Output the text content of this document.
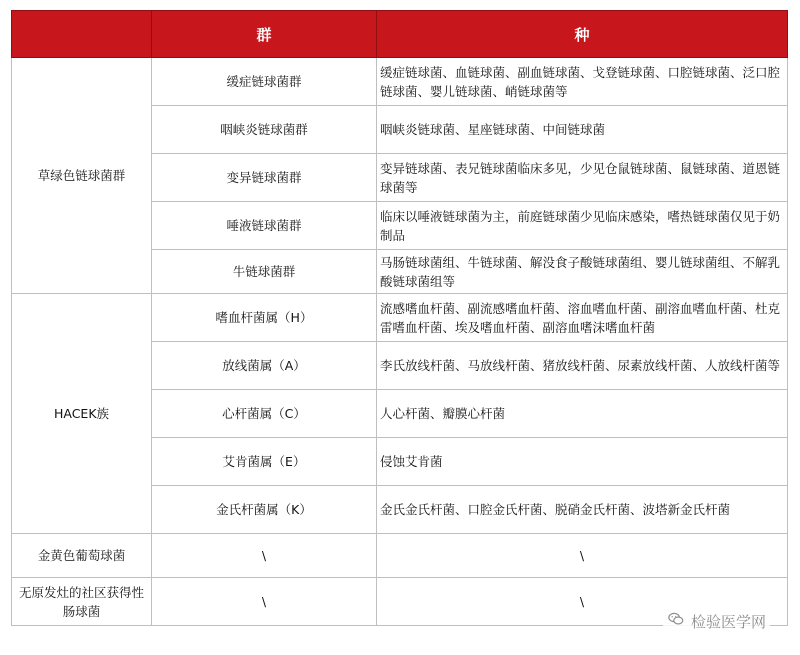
	群	种
草绿色链球菌群	缓症链球菌群	缓症链球菌、血链球菌、副血链球菌、戈登链球菌、口腔链球菌、泛口腔链球菌、婴儿链球菌、峭链球菌等
	咽峡炎链球菌群	咽峡炎链球菌、星座链球菌、中间链球菌
	变异链球菌群	变异链球菌、表兄链球菌临床多见，少见仓鼠链球菌、鼠链球菌、道恩链球菌等
	唾液链球菌群	临床以唾液链球菌为主，前庭链球菌少见临床感染，嗜热链球菌仅见于奶制品
	牛链球菌群	马肠链球菌组、牛链球菌、解没食子酸链球菌组、婴儿链球菌组、不解乳酸链球菌组等
HACEK族	嗜血杆菌属（H）	流感嗜血杆菌、副流感嗜血杆菌、溶血嗜血杆菌、副溶血嗜血杆菌、杜克雷嗜血杆菌、埃及嗜血杆菌、副溶血嗜沫嗜血杆菌
	放线菌属（A）	李氏放线杆菌、马放线杆菌、猪放线杆菌、尿素放线杆菌、人放线杆菌等
	心杆菌属（C）	人心杆菌、瓣膜心杆菌
	艾肯菌属（E）	侵蚀艾肯菌
	金氏杆菌属（K）	金氏金氏杆菌、口腔金氏杆菌、脱硝金氏杆菌、波塔新金氏杆菌
金黄色葡萄球菌	\	\
无原发灶的社区获得性肠球菌	\	\
检验医学网
